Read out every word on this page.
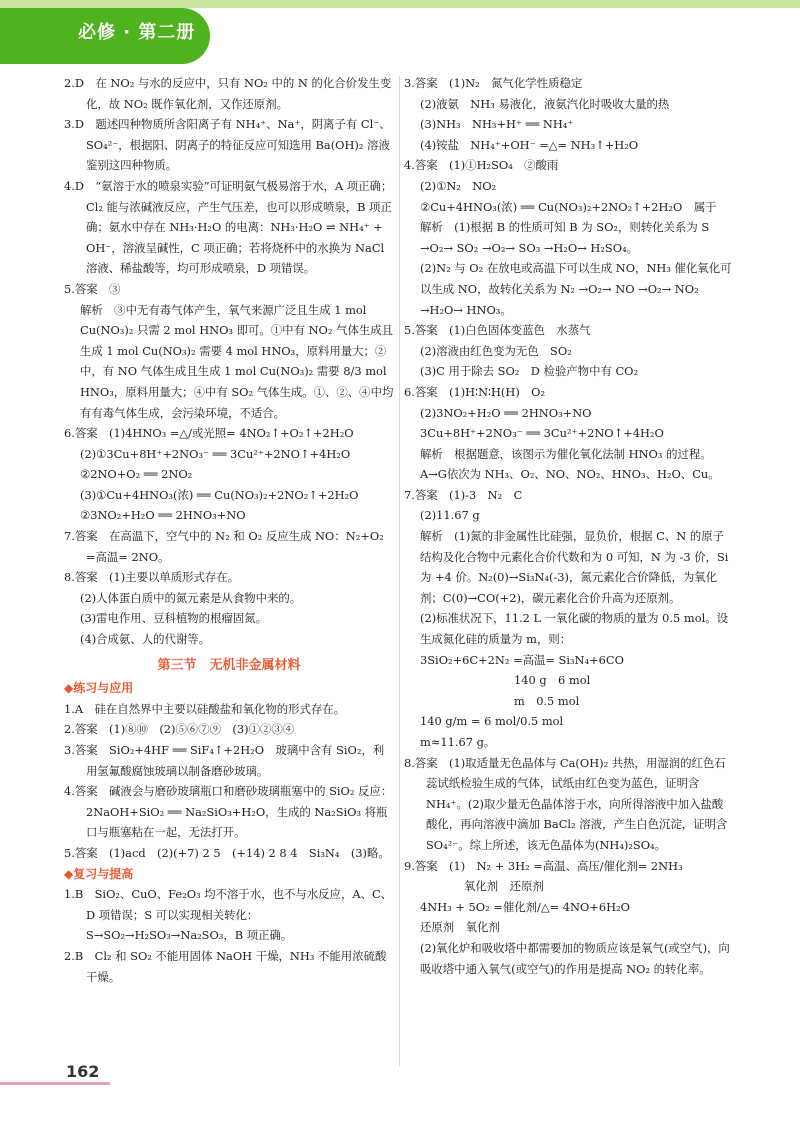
必修 · 第二册

2.D　在 NO₂ 与水的反应中，只有 NO₂ 中的 N 的化合价发生变化，故 NO₂ 既作氧化剂，又作还原剂。

3.D　题述四种物质所含阳离子有 NH₄⁺、Na⁺，阴离子有 Cl⁻、SO₄²⁻，根据阳、阴离子的特征反应可知选用 Ba(OH)₂ 溶液鉴别这四种物质。

4.D　“氨溶于水的喷泉实验”可证明氨气极易溶于水，A 项正确；Cl₂ 能与浓碱液反应，产生气压差，也可以形成喷泉，B 项正确；氨水中存在 NH₃·H₂O 的电离：NH₃·H₂O ⇌ NH₄⁺ + OH⁻，溶液呈碱性，C 项正确；若将烧杯中的水换为 NaCl 溶液、稀盐酸等，均可形成喷泉，D 项错误。

5.答案　③

解析　③中无有毒气体产生，氧气来源广泛且生成 1 mol Cu(NO₃)₂ 只需 2 mol HNO₃ 即可。①中有 NO₂ 气体生成且生成 1 mol Cu(NO₃)₂ 需要 4 mol HNO₃，原料用量大；②中，有 NO 气体生成且生成 1 mol Cu(NO₃)₂ 需要 8/3 mol HNO₃，原料用量大；④中有 SO₂ 气体生成。①、②、④中均有有毒气体生成，会污染环境，不适合。

6.答案　(1)4HNO₃ =△/或光照= 4NO₂↑+O₂↑+2H₂O

(2)①3Cu+8H⁺+2NO₃⁻ ══ 3Cu²⁺+2NO↑+4H₂O

②2NO+O₂ ══ 2NO₂

(3)①Cu+4HNO₃(浓) ══ Cu(NO₃)₂+2NO₂↑+2H₂O

②3NO₂+H₂O ══ 2HNO₃+NO

7.答案　在高温下，空气中的 N₂ 和 O₂ 反应生成 NO：N₂+O₂ =高温= 2NO。

8.答案　(1)主要以单质形式存在。

(2)人体蛋白质中的氮元素是从食物中来的。

(3)雷电作用、豆科植物的根瘤固氮。

(4)合成氨、人的代谢等。

第三节　无机非金属材料

◆练习与应用

1.A　硅在自然界中主要以硅酸盐和氧化物的形式存在。

2.答案　(1)⑧⑩　(2)⑤⑥⑦⑨　(3)①②③④

3.答案　SiO₂+4HF ══ SiF₄↑+2H₂O　玻璃中含有 SiO₂，利用氢氟酸腐蚀玻璃以制备磨砂玻璃。

4.答案　碱液会与磨砂玻璃瓶口和磨砂玻璃瓶塞中的 SiO₂ 反应：2NaOH+SiO₂ ══ Na₂SiO₃+H₂O，生成的 Na₂SiO₃ 将瓶口与瓶塞粘在一起，无法打开。

5.答案　(1)acd　(2)(+7) 2 5　(+14) 2 8 4　Si₃N₄　(3)略。

◆复习与提高

1.B　SiO₂、CuO、Fe₂O₃ 均不溶于水，也不与水反应，A、C、D 项错误；S 可以实现相关转化：S→SO₂→H₂SO₃→Na₂SO₃，B 项正确。

2.B　Cl₂ 和 SO₂ 不能用固体 NaOH 干燥，NH₃ 不能用浓硫酸干燥。

3.答案　(1)N₂　氮气化学性质稳定

(2)液氨　NH₃ 易液化，液氨汽化时吸收大量的热

(3)NH₃　NH₃+H⁺ ══ NH₄⁺

(4)铵盐　NH₄⁺+OH⁻ =△= NH₃↑+H₂O

4.答案　(1)①H₂SO₄　②酸雨

(2)①N₂　NO₂

②Cu+4HNO₃(浓) ══ Cu(NO₃)₂+2NO₂↑+2H₂O　属于

解析　(1)根据 B 的性质可知 B 为 SO₂，则转化关系为 S →O₂→ SO₂ →O₂→ SO₃ →H₂O→ H₂SO₄。

(2)N₂ 与 O₂ 在放电或高温下可以生成 NO，NH₃ 催化氧化可以生成 NO，故转化关系为 N₂ →O₂→ NO →O₂→ NO₂ →H₂O→ HNO₃。

5.答案　(1)白色固体变蓝色　水蒸气

(2)溶液由红色变为无色　SO₂

(3)C 用于除去 SO₂　D 检验产物中有 CO₂

6.答案　(1)H∶N∶H(H)　O₂

(2)3NO₂+H₂O ══ 2HNO₃+NO

3Cu+8H⁺+2NO₃⁻ ══ 3Cu²⁺+2NO↑+4H₂O

解析　根据题意，该图示为催化氧化法制 HNO₃ 的过程。A→G依次为 NH₃、O₂、NO、NO₂、HNO₃、H₂O、Cu。

7.答案　(1)-3　N₂　C

(2)11.67 g

解析　(1)氮的非金属性比硅强，显负价，根据 C、N 的原子结构及化合物中元素化合价代数和为 0 可知，N 为 -3 价，Si 为 +4 价。N₂(0)→Si₃N₄(-3)，氮元素化合价降低，为氧化剂；C(0)→CO(+2)，碳元素化合价升高为还原剂。

(2)标准状况下，11.2 L 一氧化碳的物质的量为 0.5 mol。设生成氮化硅的质量为 m，则：

3SiO₂+6C+2N₂ =高温= Si₃N₄+6CO

140 g　6 mol

m　0.5 mol

140 g/m = 6 mol/0.5 mol

m≈11.67 g。

8.答案　(1)取适量无色晶体与 Ca(OH)₂ 共热，用湿润的红色石蕊试纸检验生成的气体，试纸由红色变为蓝色，证明含 NH₄⁺。(2)取少量无色晶体溶于水，向所得溶液中加入盐酸酸化，再向溶液中滴加 BaCl₂ 溶液，产生白色沉淀，证明含 SO₄²⁻。综上所述，该无色晶体为(NH₄)₂SO₄。

9.答案　(1)　N₂ + 3H₂ =高温、高压/催化剂= 2NH₃

氧化剂　还原剂

4NH₃ + 5O₂ =催化剂/△= 4NO+6H₂O

还原剂　氧化剂

(2)氧化炉和吸收塔中都需要加的物质应该是氧气(或空气)，向吸收塔中通入氧气(或空气)的作用是提高 NO₂ 的转化率。

162
